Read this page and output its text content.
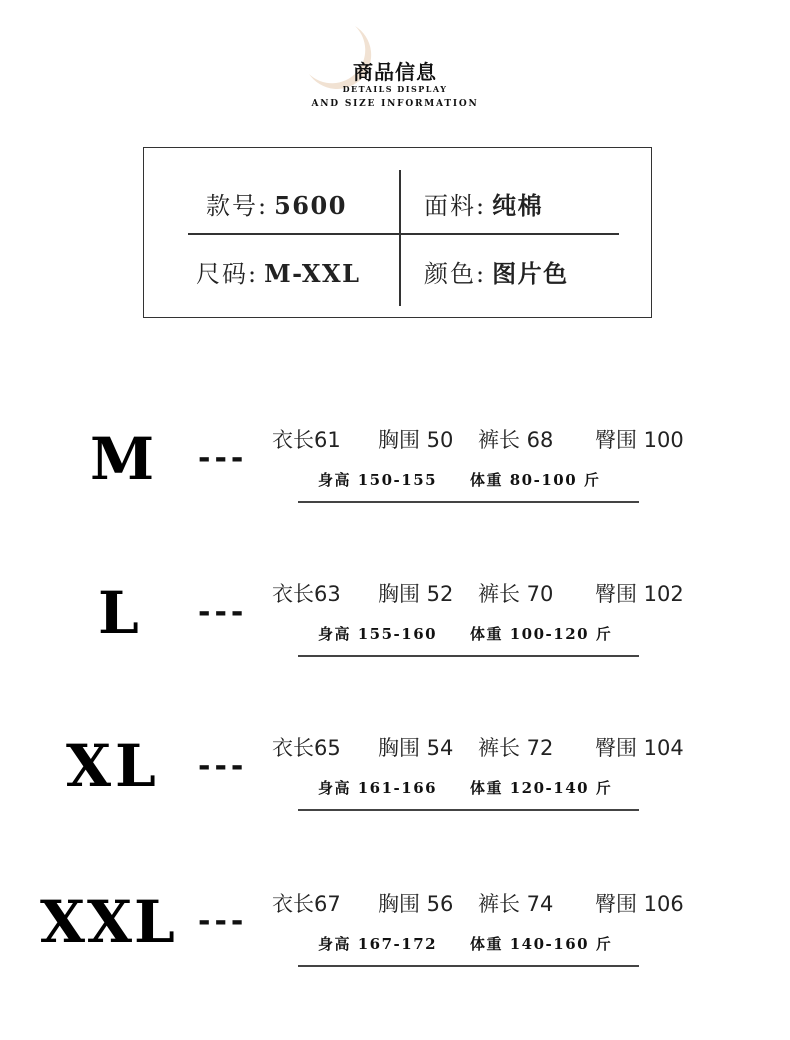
商品信息
DETAILS DISPLAY
AND SIZE INFORMATION
款号: 5600	面料: 纯棉
尺码: M-XXL	颜色: 图片色
M ---
衣长61 胸围 50 裤长 68 臀围 100
身高 150-155 体重 80-100 斤
L ---
衣长63 胸围 52 裤长 70 臀围 102
身高 155-160 体重 100-120 斤
XL ---
衣长65 胸围 54 裤长 72 臀围 104
身高 161-166 体重 120-140 斤
XXL --- 衣长67 胸围 56 裤长 74 臀围 106
身高 167-172 体重 140-160 斤
